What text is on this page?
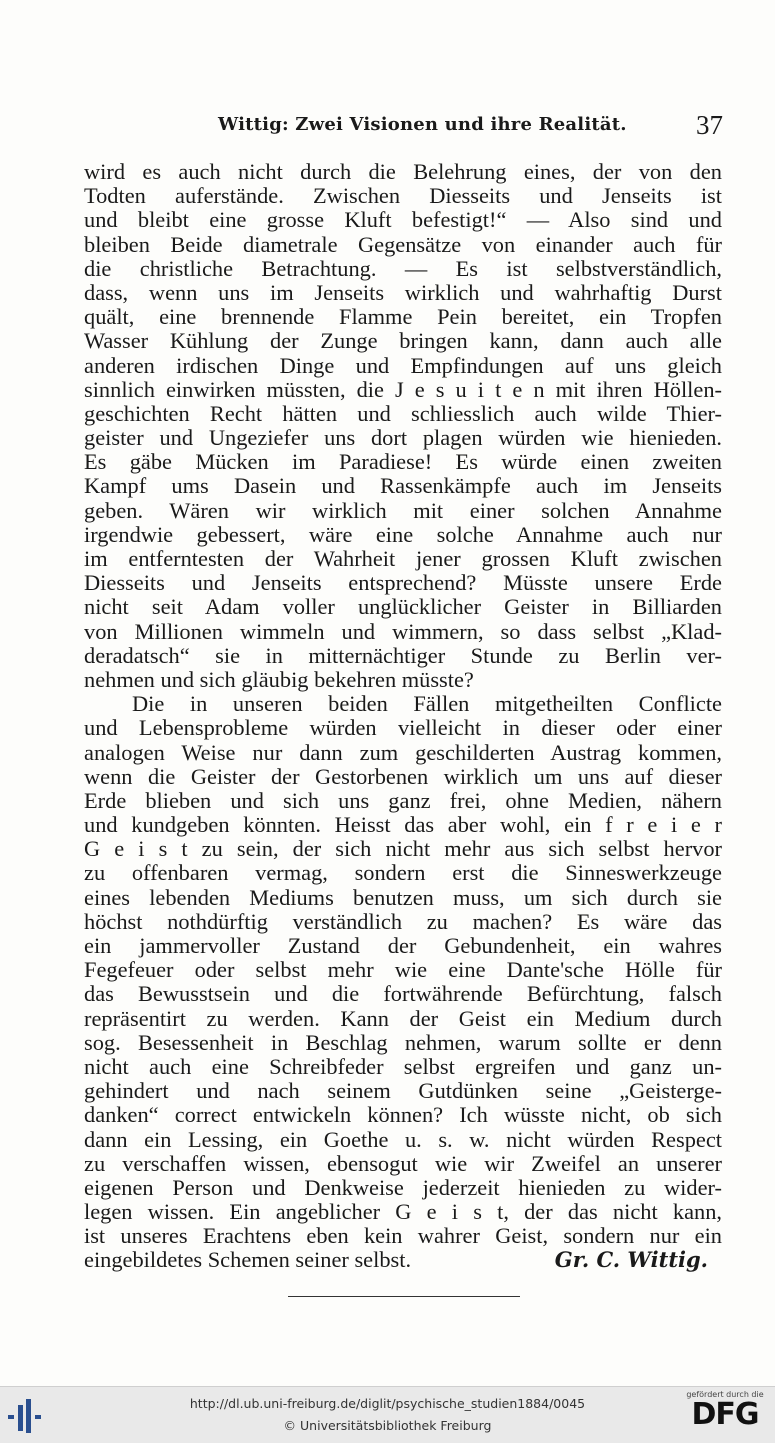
Wittig: Zwei Visionen und ihre Realität.	37
wird es auch nicht durch die Belehrung eines, der von den
Todten auferstände. Zwischen Diesseits und Jenseits ist
und bleibt eine grosse Kluft befestigt!“ — Also sind und
bleiben Beide diametrale Gegensätze von einander auch für
die christliche Betrachtung. — Es ist selbstverständlich,
dass, wenn uns im Jenseits wirklich und wahrhaftig Durst
quält, eine brennende Flamme Pein bereitet, ein Tropfen
Wasser Kühlung der Zunge bringen kann, dann auch alle
anderen irdischen Dinge und Empfindungen auf uns gleich
sinnlich einwirken müssten, die J e s u i t e n mit ihren Höllen-
geschichten Recht hätten und schliesslich auch wilde Thier-
geister und Ungeziefer uns dort plagen würden wie hienieden.
Es gäbe Mücken im Paradiese! Es würde einen zweiten
Kampf ums Dasein und Rassenkämpfe auch im Jenseits
geben. Wären wir wirklich mit einer solchen Annahme
irgendwie gebessert, wäre eine solche Annahme auch nur
im entferntesten der Wahrheit jener grossen Kluft zwischen
Diesseits und Jenseits entsprechend? Müsste unsere Erde
nicht seit Adam voller unglücklicher Geister in Billiarden
von Millionen wimmeln und wimmern, so dass selbst „Klad-
deradatsch“ sie in mitternächtiger Stunde zu Berlin ver-
nehmen und sich gläubig bekehren müsste?
Die in unseren beiden Fällen mitgetheilten Conflicte
und Lebensprobleme würden vielleicht in dieser oder einer
analogen Weise nur dann zum geschilderten Austrag kommen,
wenn die Geister der Gestorbenen wirklich um uns auf dieser
Erde blieben und sich uns ganz frei, ohne Medien, nähern
und kundgeben könnten. Heisst das aber wohl, ein f r e i e r
G e i s t zu sein, der sich nicht mehr aus sich selbst hervor
zu offenbaren vermag, sondern erst die Sinneswerkzeuge
eines lebenden Mediums benutzen muss, um sich durch sie
höchst nothdürftig verständlich zu machen? Es wäre das
ein jammervoller Zustand der Gebundenheit, ein wahres
Fegefeuer oder selbst mehr wie eine Dante'sche Hölle für
das Bewusstsein und die fortwährende Befürchtung, falsch
repräsentirt zu werden. Kann der Geist ein Medium durch
sog. Besessenheit in Beschlag nehmen, warum sollte er denn
nicht auch eine Schreibfeder selbst ergreifen und ganz un-
gehindert und nach seinem Gutdünken seine „Geisterge-
danken“ correct entwickeln können? Ich wüsste nicht, ob sich
dann ein Lessing, ein Goethe u. s. w. nicht würden Respect
zu verschaffen wissen, ebensogut wie wir Zweifel an unserer
eigenen Person und Denkweise jederzeit hienieden zu wider-
legen wissen. Ein angeblicher G e i s t, der das nicht kann,
ist unseres Erachtens eben kein wahrer Geist, sondern nur ein
eingebildetes Schemen seiner selbst.	Gr. C. Wittig.
http://dl.ub.uni-freiburg.de/diglit/psychische_studien1884/0045
© Universitätsbibliothek Freiburg
gefördert durch die
DFG
